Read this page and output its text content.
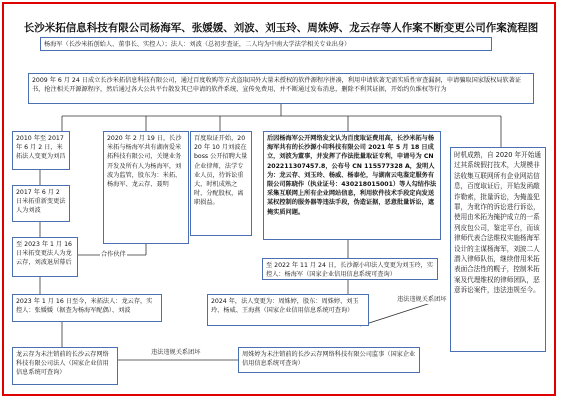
长沙米拓信息科技有限公司杨海军、张媛媛、刘波、刘玉玲、周姝婷、龙云存等人作案不断变更公司作案流程图
杨海军（长沙米拓创始人、董事长、实控人）；法人：刘波（总初步查证，二人均为中南大学法学相关专业出身）
2009 年 6 月 24 日成立长沙米拓信息科技有限公司，通过百度收购等方式盗取国外大量未授权的软件源程序拼凑，利用申请软著无需实质性审查漏洞，申请骗取国家版权局软著证书，抢注相关开源源程序，然后通过各大公共平台散发其已申请的软件系统，宣传免费用，并不断通过发布消息，删除不利其证据，开始约负维权等行为
2010 年至 2017 年 6 月 2 日，米拓法人变更为刘昌
2017 年 6 月 2 日米拓重新变更法人为刘波
至 2023 年 1 月 16 日米拓变更法人为龙云存，刘波退居幕后
2020 年 2 月 19 日，长沙米拓与杨海军共有湖南爱米拓科技有限公司，关键业务开发及所有人为杨海军，刘波为监管，股东为：米拓、杨海军、龙云存、聂明
百度取证开始，2020 年 10 月刘波在 boss 公开招聘大量企业律师，法学专业人员，待诉讼重大，时机成熟之时，分配股权，离职损益。
后因杨海军公开网络发文认为百度取证费用高，长沙米拓与杨海军共有的长沙源小印科技有限公司 2021 年 5 月 18 日成立，刘波为董事，并发挥了作法批量取证专利，申请号为 CN 202211307457.8，公布号 CN 115577328 A，发明人为：龙云存、刘玉玲、杨威、杨泰伦，与湖南云电鉴定服务有限公司陈晓作（执业证号：430218015001）等人勾结作法采集互联网上所有企业网站信息，利用软件技术手段定向发送某权控制的服务器等违法手段，伪造证据，恶意批量诉讼，遮掩实质问题。
时机成熟，自 2020 年开始通过其系统假打技术，大规模非法收集互联网所有企业网站信息，百度取证后，开始发函敲诈勒索，批量诉讼，为掩盖犯罪，为讹诈的诉讼进行诉讼，使用由米拓为掩护成立的一系列皮包公司，鉴定平台，而该律师代表合法维权实施杨海军设计的主谋杨海军，刘波二人潜入律师队伍，继续借用米拓表面合法性的幌子，控制米拓案及代理维权的律师团队，恶意诉讼案件，违法违规至今。
至 2022 年 11 月 24 日，长沙源小印法人变更为刘玉玲，实控人：杨海军（国家企业信用信息系统可查询）
合作伙伴
2023 年 1 月 16 日至今，米拓法人：龙云存，实控人：张媛媛（据查为杨海军配偶）、刘波
2024 年，法人变更为：周姝婷，股东：周姝婷、刘玉玲、杨威、王海燕（国家企业信用信息系统可查询）
违法违规关系团坏
龙云存为未注销前的长沙云存网络科技有限公司法人（国家企业信用信息系统可查询）
违法违规关系团坏	周姝婷为未注销前的长沙云存网络科技有限公司监事（国家企业信用信息系统可查询）
